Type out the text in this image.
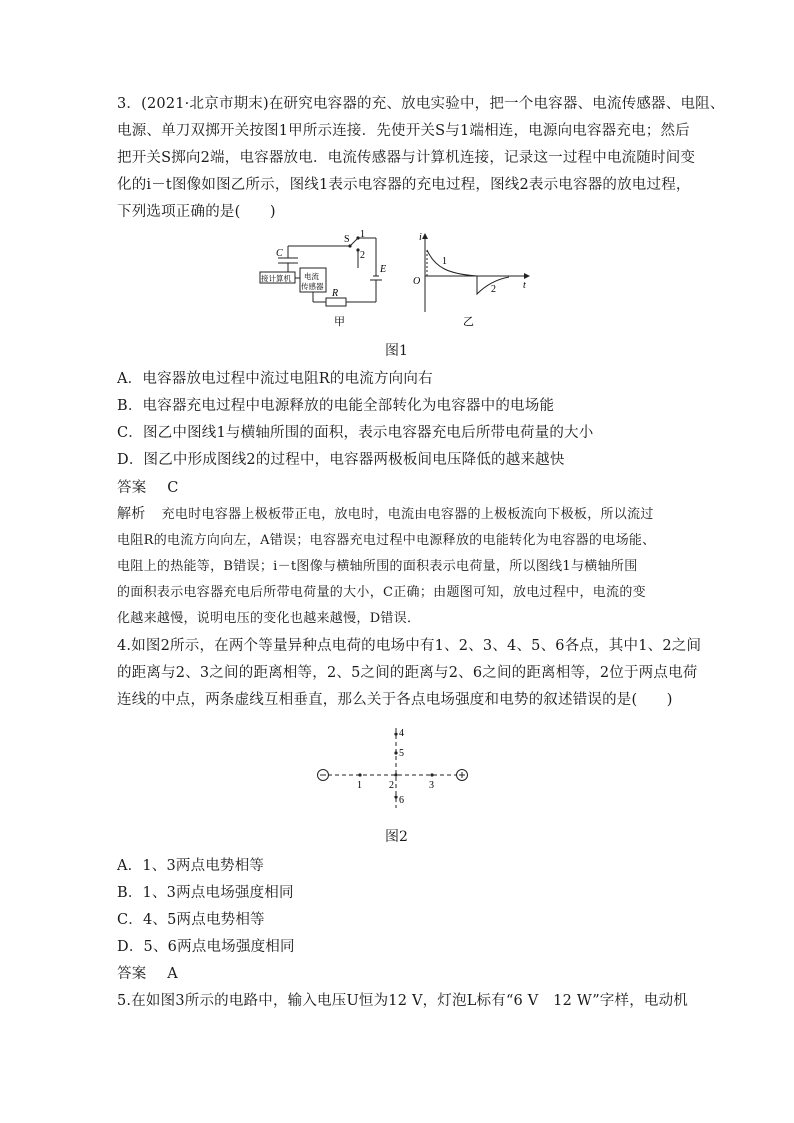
3．(2021·北京市期末)在研究电容器的充、放电实验中，把一个电容器、电流传感器、电阻、
电源、单刀双掷开关按图1甲所示连接．先使开关S与1端相连，电源向电容器充电；然后
把开关S掷向2端，电容器放电．电流传感器与计算机连接，记录这一过程中电流随时间变
化的i－t图像如图乙所示，图线1表示电容器的充电过程，图线2表示电容器的放电过程，
下列选项正确的是(　　)
C
S 1
2
E
R
接计算机 电流
传感器
甲
i
O	t
1
2
乙
图1
A．电容器放电过程中流过电阻R的电流方向向右
B．电容器充电过程中电源释放的电能全部转化为电容器中的电场能
C．图乙中图线1与横轴所围的面积，表示电容器充电后所带电荷量的大小
D．图乙中形成图线2的过程中，电容器两极板间电压降低的越来越快
答案 C
解析 充电时电容器上极板带正电，放电时，电流由电容器的上极板流向下极板，所以流过
电阻R的电流方向向左，A错误；电容器充电过程中电源释放的电能转化为电容器的电场能、
电阻上的热能等，B错误；i－t图像与横轴所围的面积表示电荷量，所以图线1与横轴所围
的面积表示电容器充电后所带电荷量的大小，C正确；由题图可知，放电过程中，电流的变
化越来越慢，说明电压的变化也越来越慢，D错误．
4.如图2所示，在两个等量异种点电荷的电场中有1、2、3、4、5、6各点，其中1、2之间
的距离与2、3之间的距离相等，2、5之间的距离与2、6之间的距离相等，2位于两点电荷
连线的中点，两条虚线互相垂直，那么关于各点电场强度和电势的叙述错误的是(　　)
1	2	3
4
5
6
图2
A．1、3两点电势相等
B．1、3两点电场强度相同
C．4、5两点电势相等
D．5、6两点电场强度相同
答案 A
5.在如图3所示的电路中，输入电压U恒为12 V，灯泡L标有“6 V　12 W”字样，电动机
